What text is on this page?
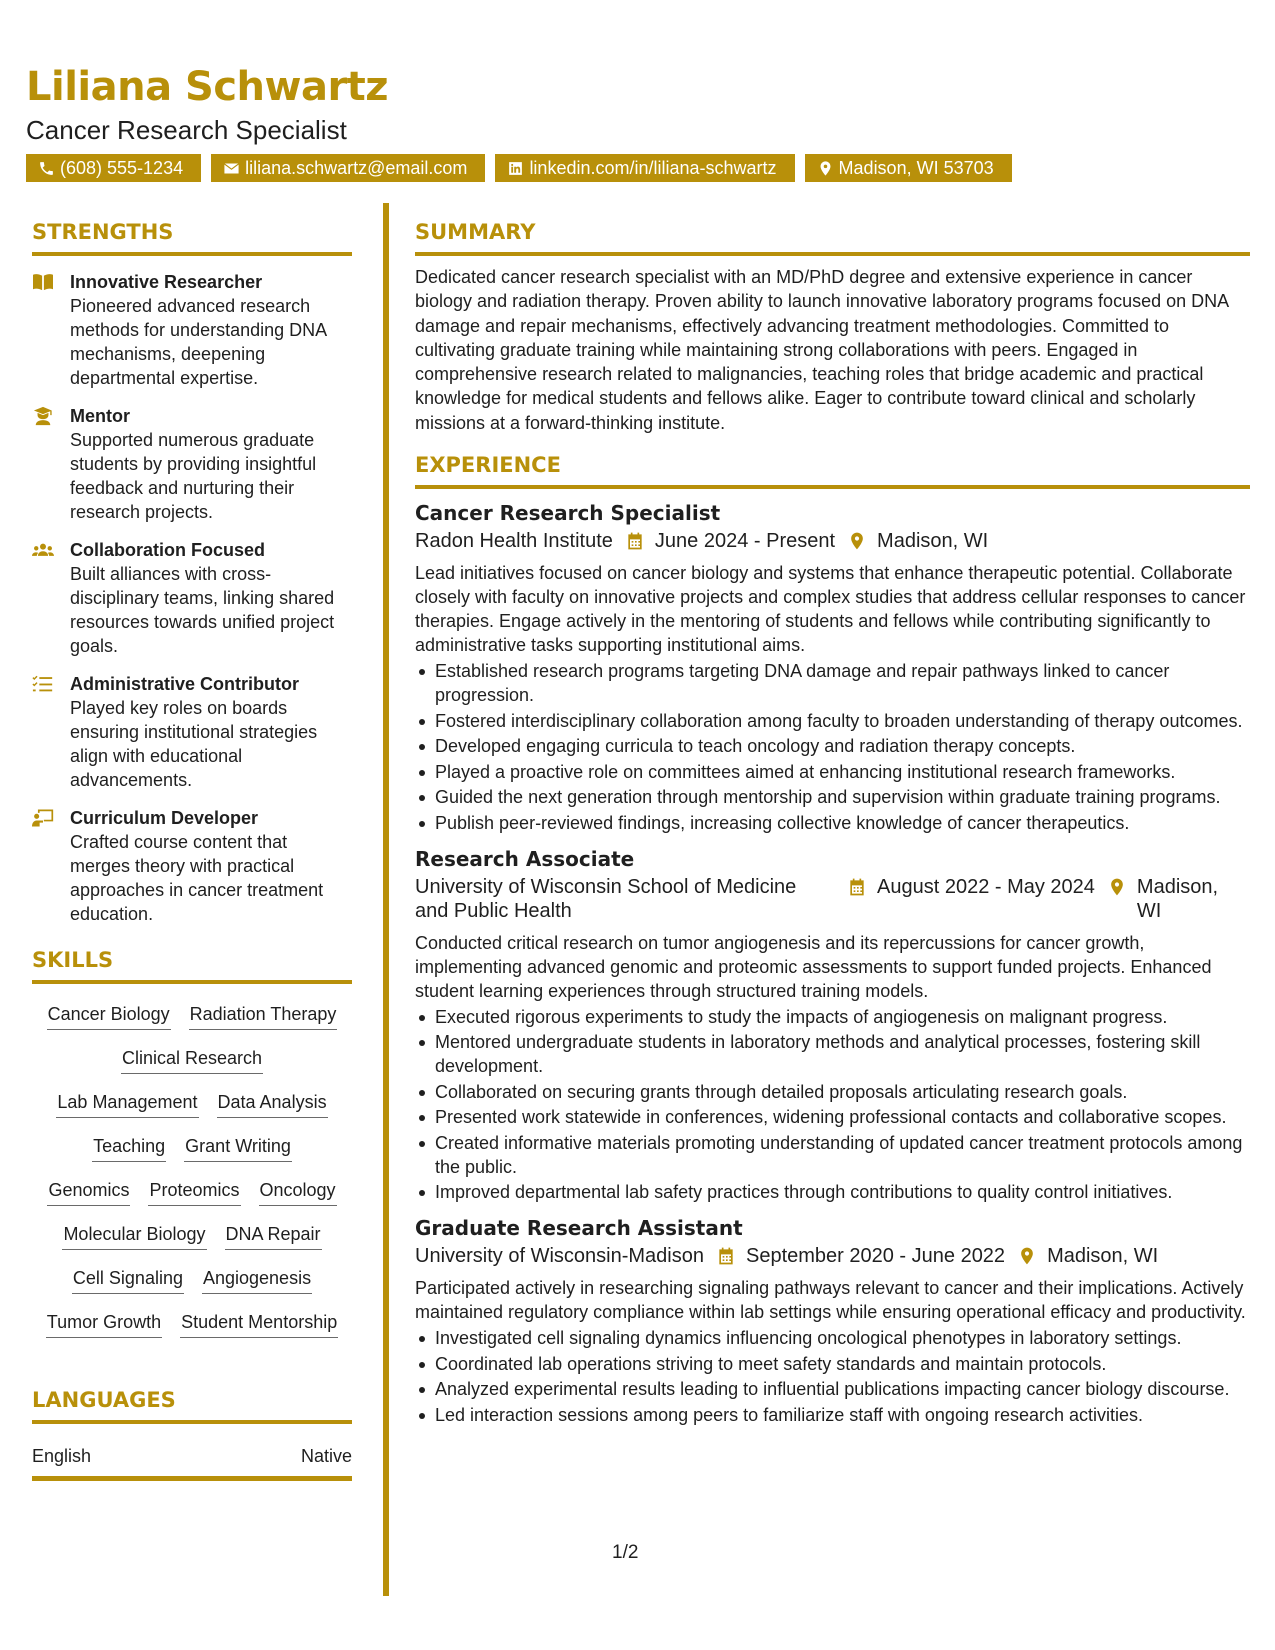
Liliana Schwartz
Cancer Research Specialist
(608) 555-1234	liliana.schwartz@email.com	linkedin.com/in/liliana-schwartz	Madison, WI 53703
STRENGTHS
Innovative Researcher
Pioneered advanced research methods for understanding DNA mechanisms, deepening departmental expertise.
Mentor
Supported numerous graduate students by providing insightful feedback and nurturing their research projects.
Collaboration Focused
Built alliances with cross-disciplinary teams, linking shared resources towards unified project goals.
Administrative Contributor
Played key roles on boards ensuring institutional strategies align with educational advancements.
Curriculum Developer
Crafted course content that merges theory with practical approaches in cancer treatment education.
SKILLS
Cancer Biology Radiation Therapy
Clinical Research
Lab Management Data Analysis
Teaching Grant Writing
Genomics Proteomics Oncology
Molecular Biology DNA Repair
Cell Signaling Angiogenesis
Tumor Growth Student Mentorship
LANGUAGES
English	Native
SUMMARY
Dedicated cancer research specialist with an MD/PhD degree and extensive experience in cancer biology and radiation therapy. Proven ability to launch innovative laboratory programs focused on DNA damage and repair mechanisms, effectively advancing treatment methodologies. Committed to cultivating graduate training while maintaining strong collaborations with peers. Engaged in comprehensive research related to malignancies, teaching roles that bridge academic and practical knowledge for medical students and fellows alike. Eager to contribute toward clinical and scholarly missions at a forward-thinking institute.
EXPERIENCE
Cancer Research Specialist
Radon Health Institute June 2024 - Present Madison, WI
Lead initiatives focused on cancer biology and systems that enhance therapeutic potential. Collaborate closely with faculty on innovative projects and complex studies that address cellular responses to cancer therapies. Engage actively in the mentoring of students and fellows while contributing significantly to administrative tasks supporting institutional aims.
Established research programs targeting DNA damage and repair pathways linked to cancer progression.
Fostered interdisciplinary collaboration among faculty to broaden understanding of therapy outcomes.
Developed engaging curricula to teach oncology and radiation therapy concepts.
Played a proactive role on committees aimed at enhancing institutional research frameworks.
Guided the next generation through mentorship and supervision within graduate training programs.
Publish peer-reviewed findings, increasing collective knowledge of cancer therapeutics.
Research Associate
University of Wisconsin School of Medicine and Public Health
August 2022 - May 2024 Madison, WI
Conducted critical research on tumor angiogenesis and its repercussions for cancer growth, implementing advanced genomic and proteomic assessments to support funded projects. Enhanced student learning experiences through structured training models.
Executed rigorous experiments to study the impacts of angiogenesis on malignant progress.
Mentored undergraduate students in laboratory methods and analytical processes, fostering skill development.
Collaborated on securing grants through detailed proposals articulating research goals.
Presented work statewide in conferences, widening professional contacts and collaborative scopes.
Created informative materials promoting understanding of updated cancer treatment protocols among the public.
Improved departmental lab safety practices through contributions to quality control initiatives.
Graduate Research Assistant
University of Wisconsin-Madison September 2020 - June 2022 Madison, WI
Participated actively in researching signaling pathways relevant to cancer and their implications. Actively maintained regulatory compliance within lab settings while ensuring operational efficacy and productivity.
Investigated cell signaling dynamics influencing oncological phenotypes in laboratory settings.
Coordinated lab operations striving to meet safety standards and maintain protocols.
Analyzed experimental results leading to influential publications impacting cancer biology discourse.
Led interaction sessions among peers to familiarize staff with ongoing research activities.
1/2
